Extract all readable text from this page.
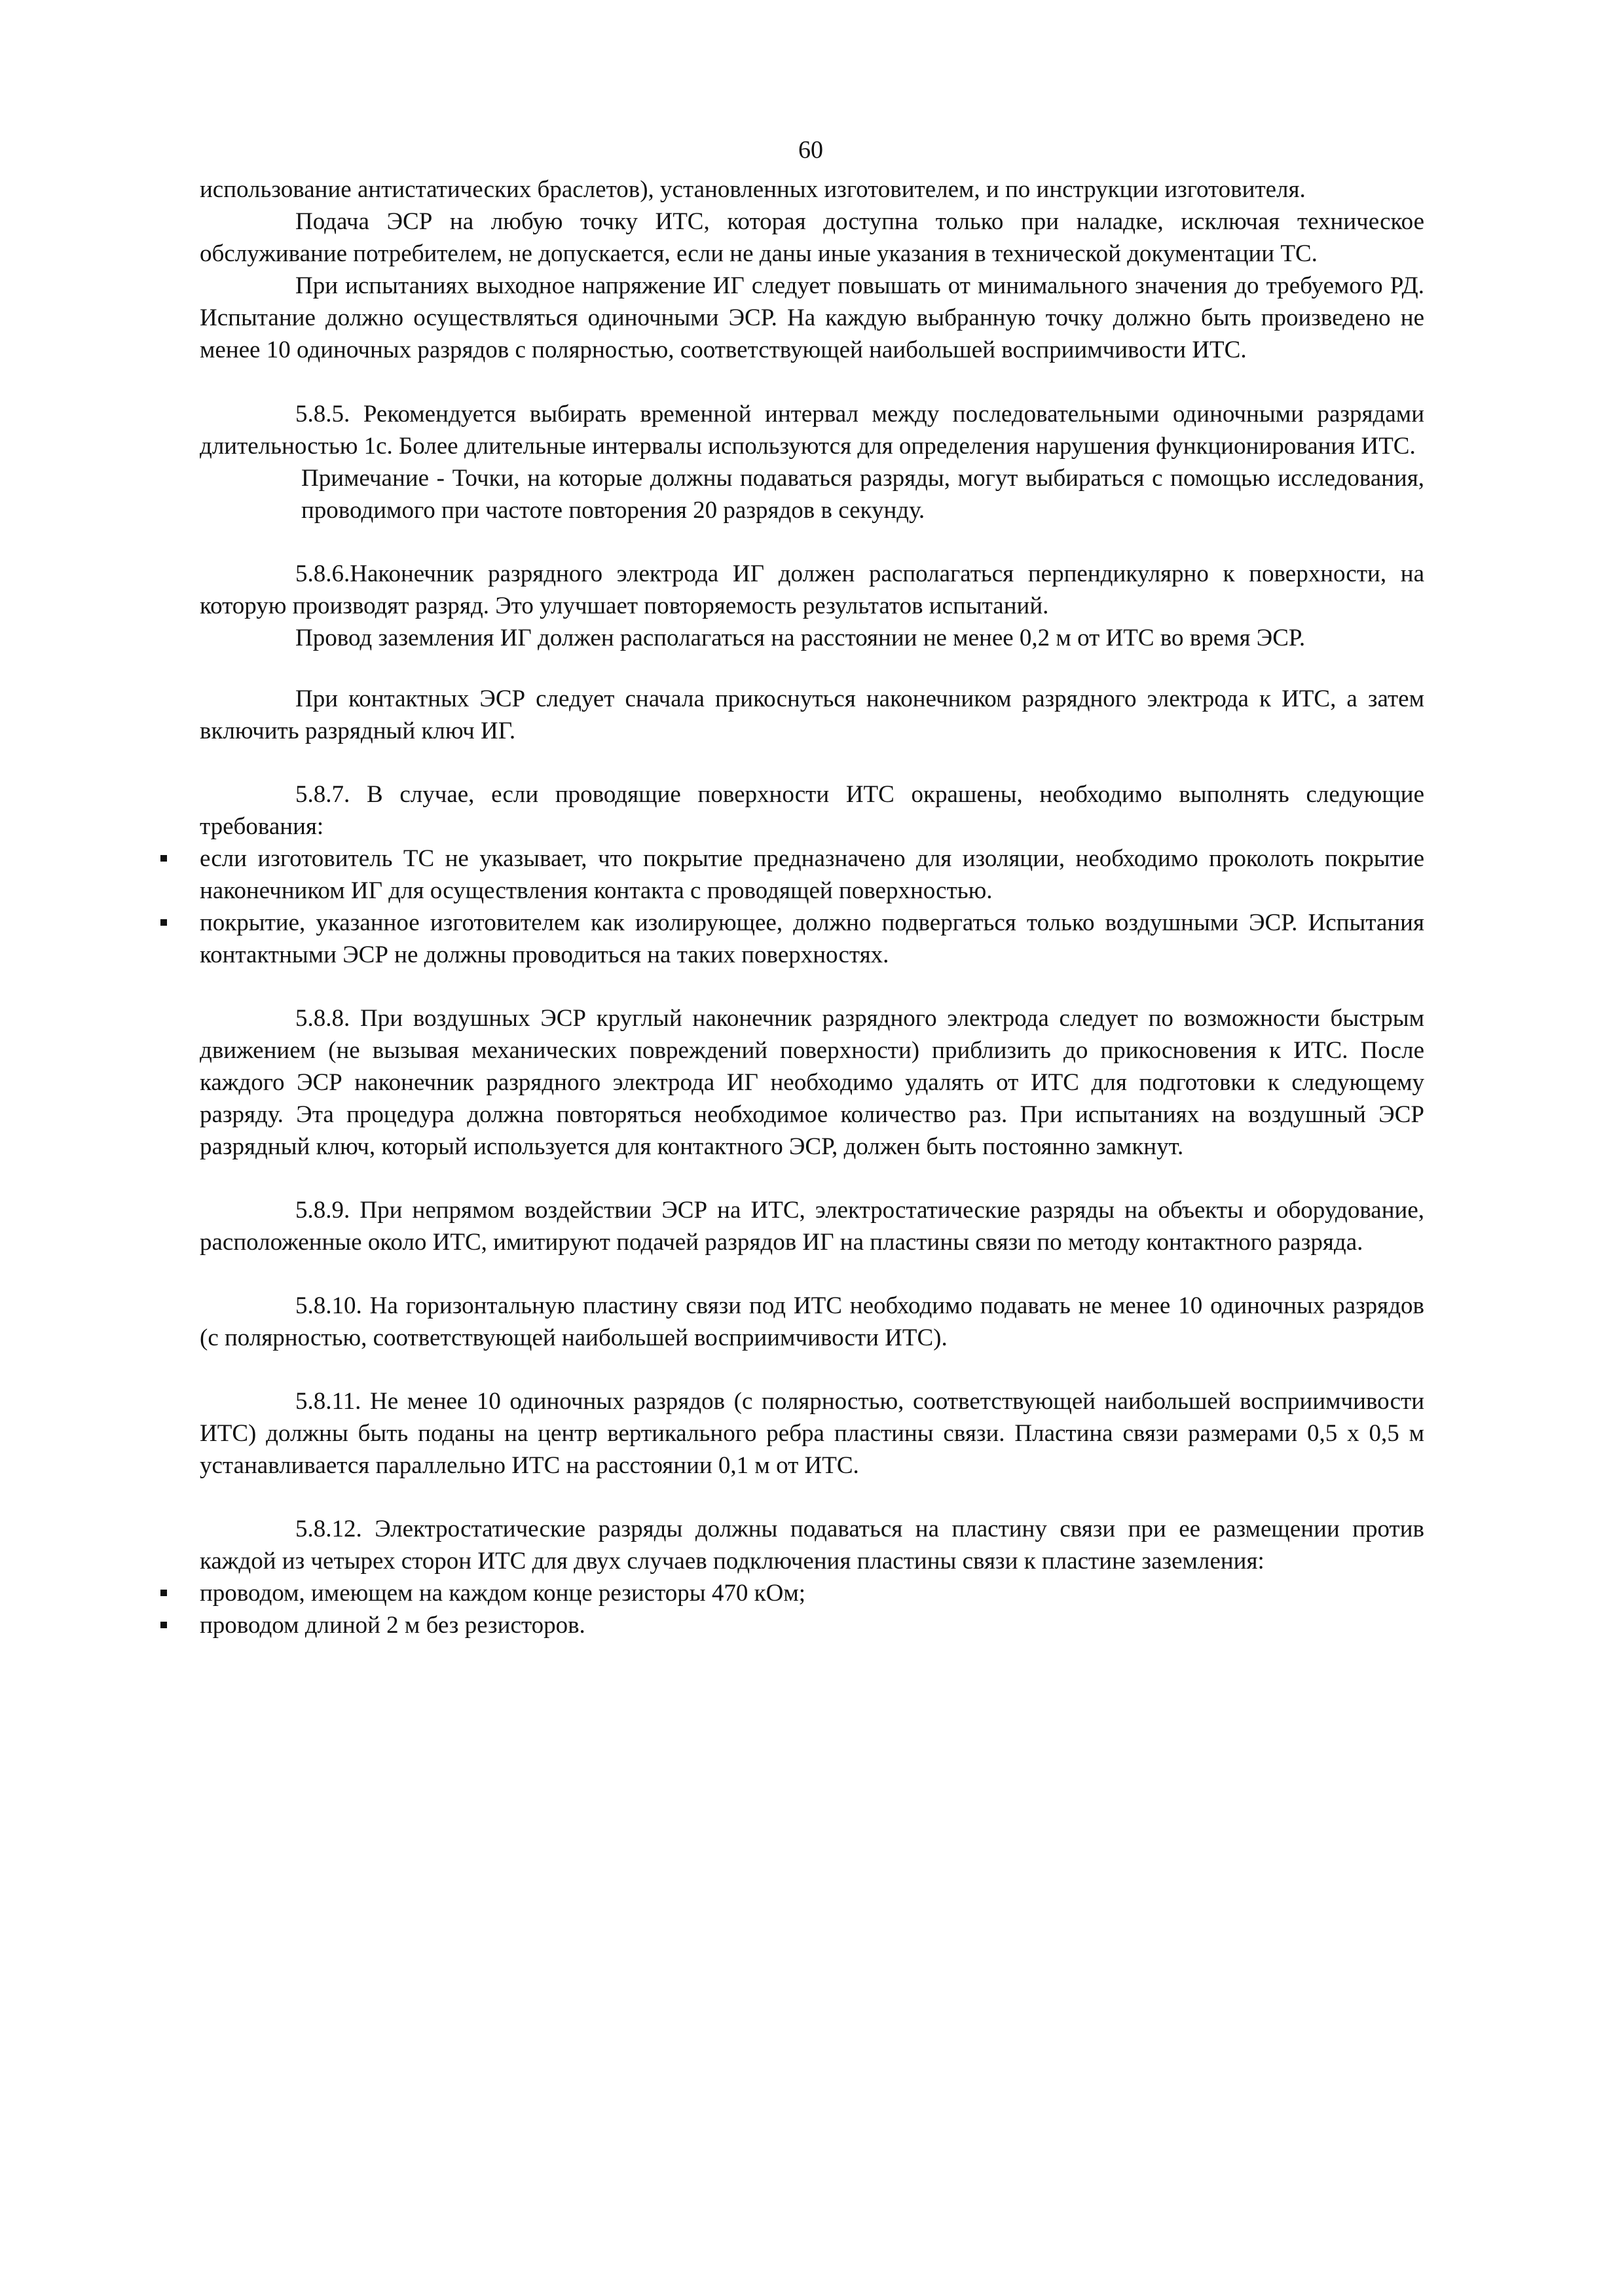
60

использование антистатических браслетов), установленных изготовителем, и по инструкции изготовителя.

Подача ЭСР на любую точку ИТС, которая доступна только при наладке, исключая техническое обслуживание потребителем, не допускается, если не даны иные указания в технической документации ТС.

При испытаниях выходное напряжение ИГ следует повышать от минимального значения до требуемого РД. Испытание должно осуществляться одиночными ЭСР. На каждую выбранную точку должно быть произведено не менее 10 одиночных разрядов с полярностью, соответствующей наибольшей восприимчивости ИТС.

5.8.5. Рекомендуется выбирать временной интервал между последовательными одиночными разрядами длительностью 1с. Более длительные интервалы используются для определения нарушения функционирования ИТС.

Примечание - Точки, на которые должны подаваться разряды, могут выбираться с помощью исследования, проводимого при частоте повторения 20 разрядов в секунду.

5.8.6.Наконечник разрядного электрода ИГ должен располагаться перпендикулярно к поверхности, на которую производят разряд. Это улучшает повторяемость результатов испытаний.

Провод заземления ИГ должен располагаться на расстоянии не менее 0,2 м от ИТС во время ЭСР.

При контактных ЭСР следует сначала прикоснуться наконечником разрядного электрода к ИТС, а затем включить разрядный ключ ИГ.

5.8.7. В случае, если проводящие поверхности ИТС окрашены, необходимо выполнять следующие требования:

если изготовитель ТС не указывает, что покрытие предназначено для изоляции, необходимо проколоть покрытие наконечником ИГ для осуществления контакта с проводящей поверхностью.
покрытие, указанное изготовителем как изолирующее, должно подвергаться только воздушными ЭСР. Испытания контактными ЭСР не должны проводиться на таких поверхностях.

5.8.8. При воздушных ЭСР круглый наконечник разрядного электрода следует по возможности быстрым движением (не вызывая механических повреждений поверхности) приблизить до прикосновения к ИТС. После каждого ЭСР наконечник разрядного электрода ИГ необходимо удалять от ИТС для подготовки к следующему разряду. Эта процедура должна повторяться необходимое количество раз. При испытаниях на воздушный ЭСР разрядный ключ, который используется для контактного ЭСР, должен быть постоянно замкнут.

5.8.9. При непрямом воздействии ЭСР на ИТС, электростатические разряды на объекты и оборудование, расположенные около ИТС, имитируют подачей разрядов ИГ на пластины связи по методу контактного разряда.

5.8.10. На горизонтальную пластину связи под ИТС необходимо подавать не менее 10 одиночных разрядов (с полярностью, соответствующей наибольшей восприимчивости ИТС).

5.8.11. Не менее 10 одиночных разрядов (с полярностью, соответствующей наибольшей восприимчивости ИТС) должны быть поданы на центр вертикального ребра пластины связи. Пластина связи размерами 0,5 х 0,5 м устанавливается параллельно ИТС на расстоянии 0,1 м от ИТС.

5.8.12. Электростатические разряды должны подаваться на пластину связи при ее размещении против каждой из четырех сторон ИТС для двух случаев подключения пластины связи к пластине заземления:

проводом, имеющем на каждом конце резисторы 470 кОм;
проводом длиной 2 м без резисторов.
